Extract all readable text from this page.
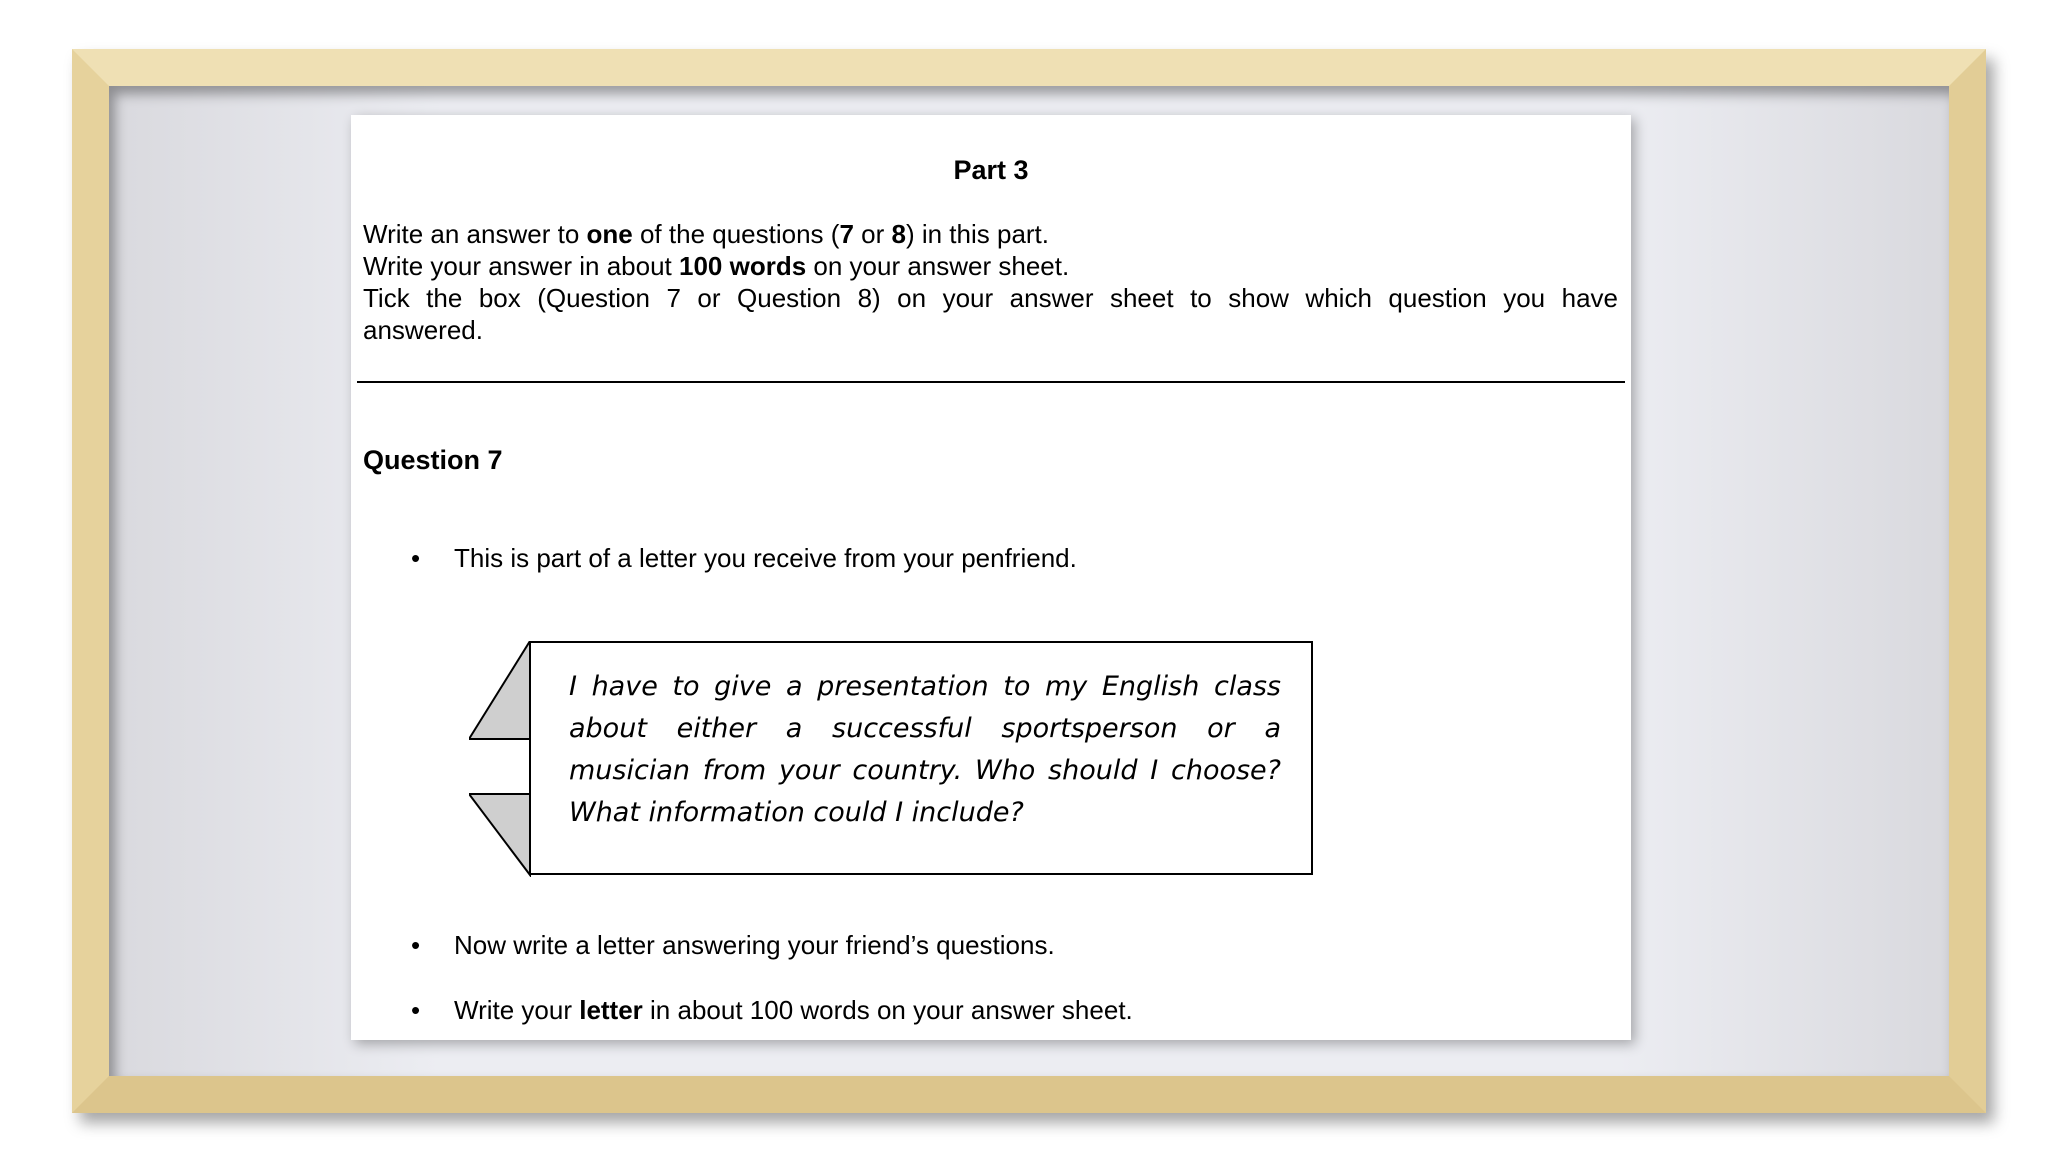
Part 3
Write an answer to one of the questions (7 or 8) in this part.
Write your answer in about 100 words on your answer sheet.
Tick the box (Question 7 or Question 8) on your answer sheet to show which question you have
answered.
Question 7
• This is part of a letter you receive from your penfriend.
I have to give a presentation to my English class about either a successful sportsperson or a musician from your country. Who should I choose? What information could I include?
• Now write a letter answering your friend’s questions.
• Write your letter in about 100 words on your answer sheet.
